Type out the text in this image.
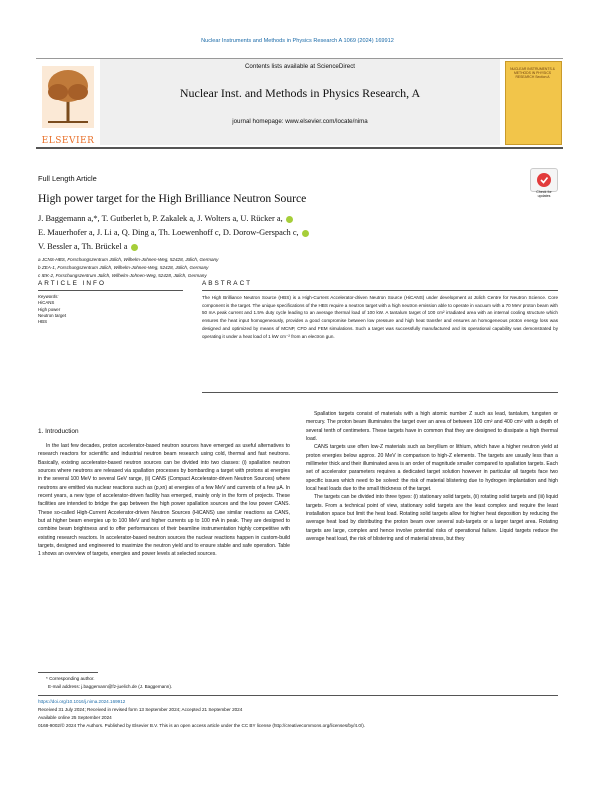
Nuclear Instruments and Methods in Physics Research A 1069 (2024) 169912
ELSEVIER
Contents lists available at ScienceDirect
Nuclear Inst. and Methods in Physics Research, A
journal homepage: www.elsevier.com/locate/nima
NUCLEAR INSTRUMENTS & METHODS IN PHYSICS RESEARCH Section A
Full Length Article
High power target for the High Brilliance Neutron Source	Check for updates
J. Baggemann a,*, T. Gutberlet b, P. Zakalek a, J. Wolters a, U. Rücker a,
E. Mauerhofer a, J. Li a, Q. Ding a, Th. Loewenhoff c, D. Dorow-Gerspach c,
V. Bessler a, Th. Brückel a
a JCNS-HBS, Forschungszentrum Jülich, Wilhelm-Johnen-Weg, 52428, Jülich, Germany
b ZEA-1, Forschungszentrum Jülich, Wilhelm-Johnen-Weg, 52428, Jülich, Germany
c IEK-2, Forschungszentrum Jülich, Wilhelm-Johnen-Weg, 52428, Jülich, Germany
ARTICLE INFO	ABSTRACT
Keywords:
HiCANS
High power
Neutron target
HBS
The High Brilliance Neutron Source (HBS) is a High-Current Accelerator-driven Neutron Source (HiCANS) under development at Jülich Centre for Neutron Science. Core component is the target. The unique specifications of the HBS require a neutron target with a high neutron emission able to operate in vacuum with a 70 MeV proton beam with 50 mA peak current and 1.5% duty cycle leading to an average thermal load of 100 kW. A tantalum target of 100 cm² irradiated area with an internal cooling structure which ensures the heat input homogeneously, provides a good compromise between low pressure and high heat transfer and ensures an homogeneous proton energy loss was designed and optimized by means of MCNP, CFD and FEM simulations. Such a target was successfully manufactured and its operational capability was demonstrated by operating it under a heat load of 1 kW cm⁻² from an electron gun.
1. Introduction

In the last few decades, proton accelerator-based neutron sources have emerged as useful alternatives to research reactors for scientific and industrial neutron beam research using cold, thermal and fast neutrons. Basically, existing accelerator-based neutron sources can be divided into two classes: (i) spallation neutron sources where neutrons are released via spallation processes by bombarding a target with protons at energies in the several 100 MeV to several GeV range, (ii) CANS (Compact Accelerator-driven Neutron Sources) where neutrons are emitted via nuclear reactions such as (p,xn) at energies of a few MeV and currents of a few µA. In recent years, a new type of accelerator-driven facility has emerged, mainly only in the form of projects. These facilities are intended to bridge the gap between the high power spallation sources and the low power CANS. These so-called High-Current Accelerator-driven Neutron Sources (HiCANS) use similar reactions as CANS, but at higher beam energies up to 100 MeV and higher currents up to 100 mA in peak. They are designed to combine beam brightness and to offer performances of their beamline instrumentation highly competitive with existing research reactors. In accelerator-based neutron sources the nuclear reactions happen in custom-build targets, designed and engineered to maximize the neutron yield and to ensure stable and safe operation. Table 1 shows an overview of targets, energies and power levels at selected sources.

Spallation targets consist of materials with a high atomic number Z such as lead, tantalum, tungsten or mercury. The proton beam illuminates the target over an area of between 100 cm² and 400 cm² with a depth of several tenth of centimeters. These targets have in common that they are designed to dissipate a high thermal load.

CANS targets use often low-Z materials such as beryllium or lithium, which have a higher neutron yield at proton energies below approx. 20 MeV in comparison to high-Z elements. The targets are usually less than a millimeter thick and their illuminated area is an order of magnitude smaller compared to spallation targets. Each set of accelerator parameters requires a dedicated target solution however in particular all targets face two specific issues which need to be solved: the risk of material blistering due to hydrogen implantation and high local heat loads due to the small thickness of the target.

The targets can be divided into three types: (i) stationary solid targets, (ii) rotating solid targets and (iii) liquid targets. From a technical point of view, stationary solid targets are the least complex and require the least installation space but limit the heat load. Rotating solid targets allow for higher heat deposition by reducing the average heat load by distributing the proton beam over several sub-targets or a larger target area. Rotating targets are large, complex and hence involve potential risks of operational failure. Liquid targets reduce the average heat load, the risk of blistering and of material stress, but they

* Corresponding author.
E-mail address: j.baggemann@fz-juelich.de (J. Baggemann).
https://doi.org/10.1016/j.nima.2024.169912
Received 31 July 2024; Received in revised form 13 September 2024; Accepted 21 September 2024
Available online 25 September 2024
0168-9002/© 2024 The Authors. Published by Elsevier B.V. This is an open access article under the CC BY license (http://creativecommons.org/licenses/by/4.0/).
